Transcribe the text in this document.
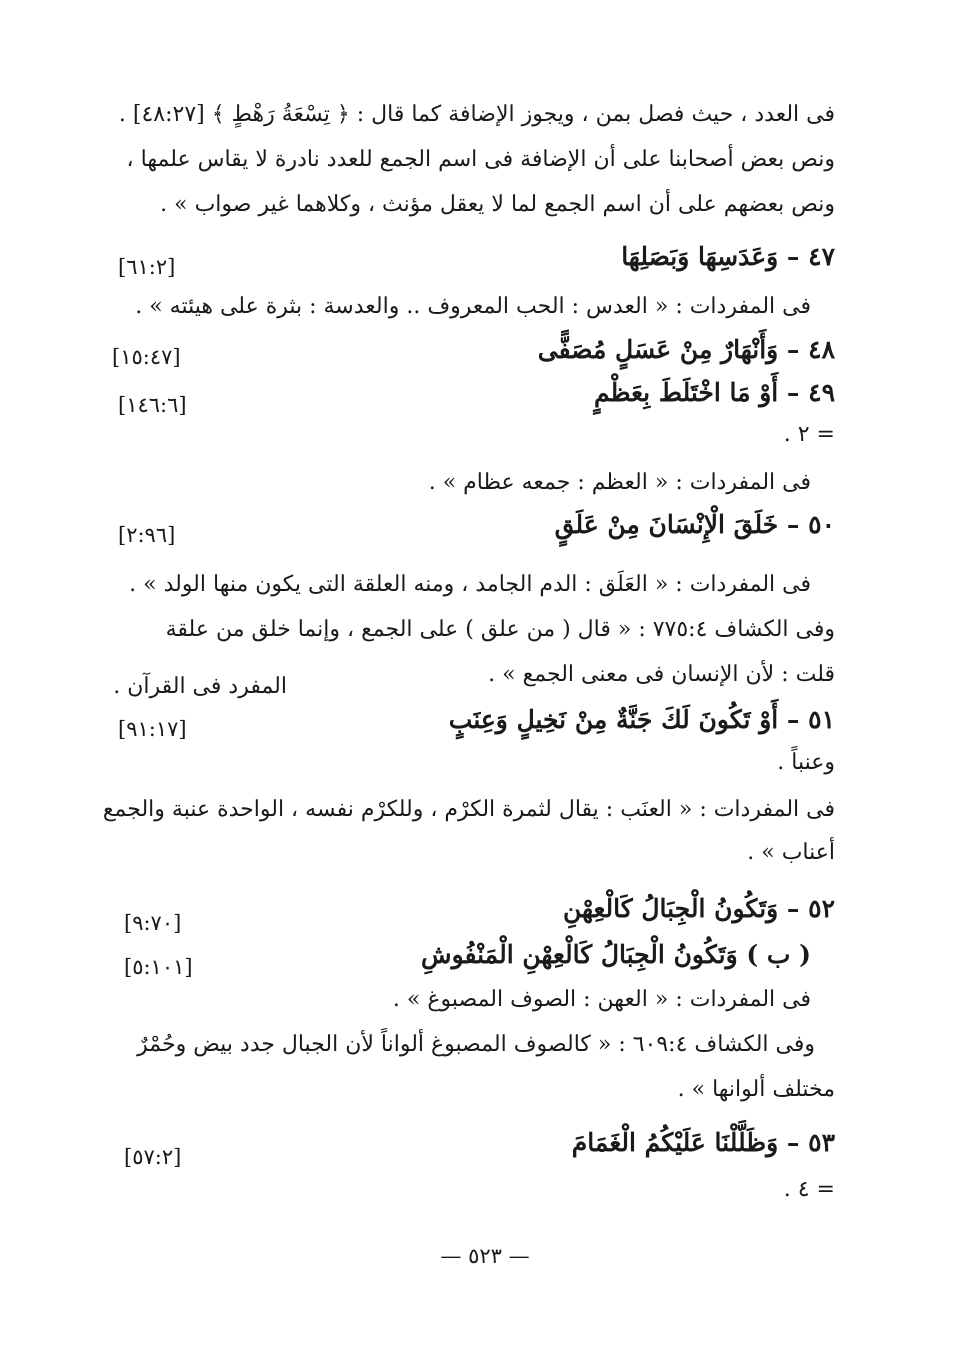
فى العدد ، حيث فصل بمن ، ويجوز الإضافة كما قال : ﴿ تِسْعَةُ رَهْطٍ ﴾ [٤٨:٢٧] .
ونص بعض أصحابنا على أن الإضافة فى اسم الجمع للعدد نادرة لا يقاس علمها ،
ونص بعضهم على أن اسم الجمع لما لا يعقل مؤنث ، وكلاهما غير صواب » .
٤٧ – وَعَدَسِهَا وَبَصَلِهَا
[٦١:٢]
فى المفردات : « العدس : الحب المعروف .. والعدسة : بثرة على هيئته » .
٤٨ – وَأَنْهَارٌ مِنْ عَسَلٍ مُصَفًّى
[١٥:٤٧]
٤٩ – أَوْ مَا اخْتَلَطَ بِعَظْمٍ
[١٤٦:٦]
= ٢ .
فى المفردات : « العظم : جمعه عظام » .
٥٠ – خَلَقَ الْإِنْسَانَ مِنْ عَلَقٍ
[٢:٩٦]
فى المفردات : « العَلَق : الدم الجامد ، ومنه العلقة التى يكون منها الولد » .
وفى الكشاف ٧٧٥:٤ : « قال ( من علق ) على الجمع ، وإنما خلق من علقة
قلت : لأن الإنسان فى معنى الجمع » .
المفرد فى القرآن .
٥١ – أَوْ تَكُونَ لَكَ جَنَّةٌ مِنْ نَخِيلٍ وَعِنَبٍ
[٩١:١٧]
وعنباً .
فى المفردات : « العنَب : يقال لثمرة الكرْم ، وللكرْم نفسه ، الواحدة عنبة والجمع
أعناب » .
٥٢ – وَتَكُونُ الْجِبَالُ كَالْعِهْنِ
[٩:٧٠]
( ب ) وَتَكُونُ الْجِبَالُ كَالْعِهْنِ الْمَنْفُوشِ
[٥:١٠١]
فى المفردات : « العهن : الصوف المصبوغ » .
وفى الكشاف ٦٠٩:٤ : « كالصوف المصبوغ ألواناً لأن الجبال جدد بيض وحُمْرٌ
مختلف ألوانها » .
٥٣ – وَظَلَّلْنَا عَلَيْكُمُ الْغَمَامَ
[٥٧:٢]
= ٤ .
— ٥٢٣ —
